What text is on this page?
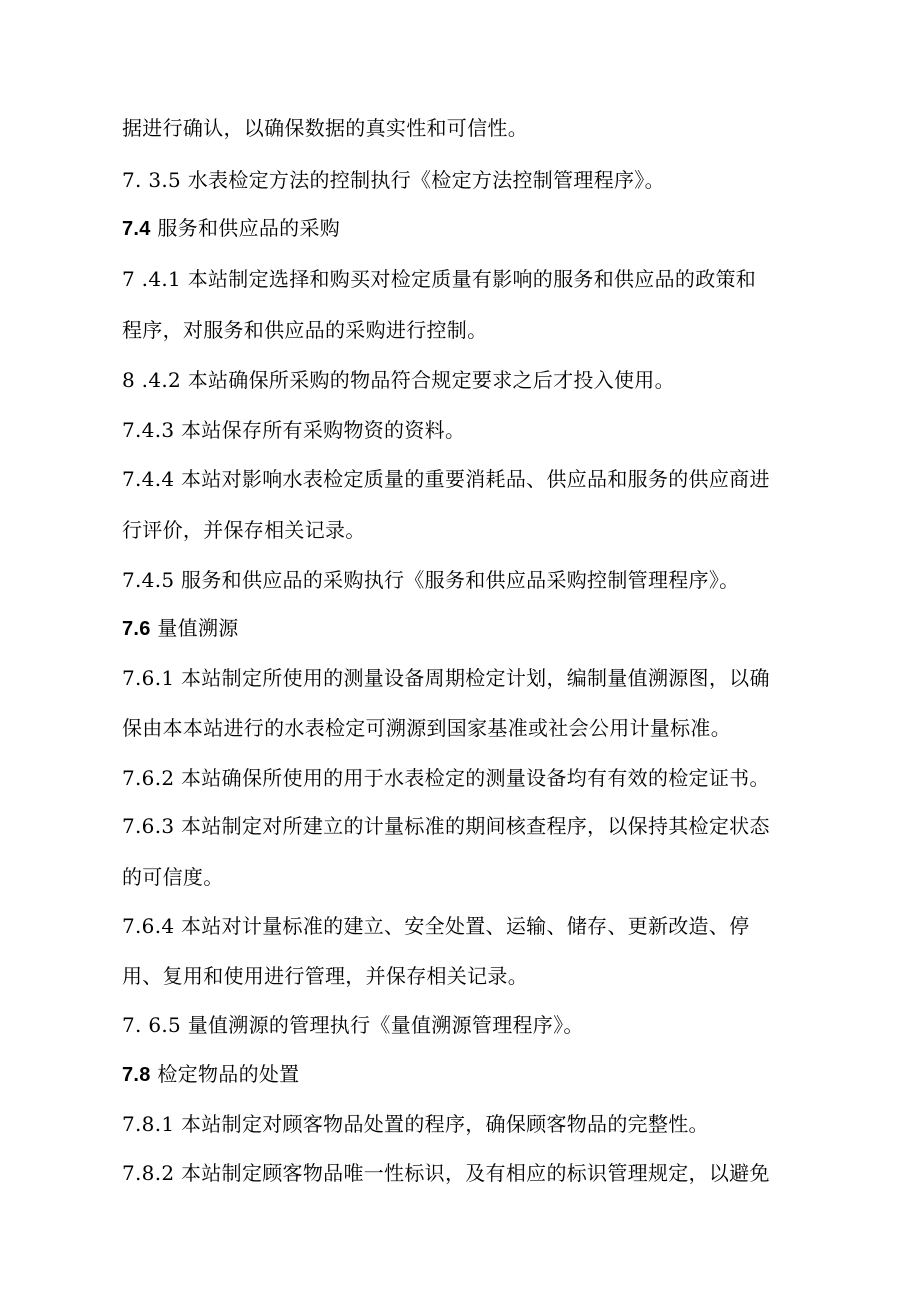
据进行确认，以确保数据的真实性和可信性。
7. 3.5 水表检定方法的控制执行《检定方法控制管理程序》。
7.4 服务和供应品的采购
7 .4.1 本站制定选择和购买对检定质量有影响的服务和供应品的政策和
程序，对服务和供应品的采购进行控制。
8 .4.2 本站确保所采购的物品符合规定要求之后才投入使用。
7.4.3 本站保存所有采购物资的资料。
7.4.4 本站对影响水表检定质量的重要消耗品、供应品和服务的供应商进
行评价，并保存相关记录。
7.4.5 服务和供应品的采购执行《服务和供应品采购控制管理程序》。
7.6 量值溯源
7.6.1 本站制定所使用的测量设备周期检定计划，编制量值溯源图，以确
保由本本站进行的水表检定可溯源到国家基准或社会公用计量标准。
7.6.2 本站确保所使用的用于水表检定的测量设备均有有效的检定证书。
7.6.3 本站制定对所建立的计量标准的期间核查程序，以保持其检定状态
的可信度。
7.6.4 本站对计量标准的建立、安全处置、运输、储存、更新改造、停
用、复用和使用进行管理，并保存相关记录。
7. 6.5 量值溯源的管理执行《量值溯源管理程序》。
7.8 检定物品的处置
7.8.1 本站制定对顾客物品处置的程序，确保顾客物品的完整性。
7.8.2 本站制定顾客物品唯一性标识，及有相应的标识管理规定，以避免
